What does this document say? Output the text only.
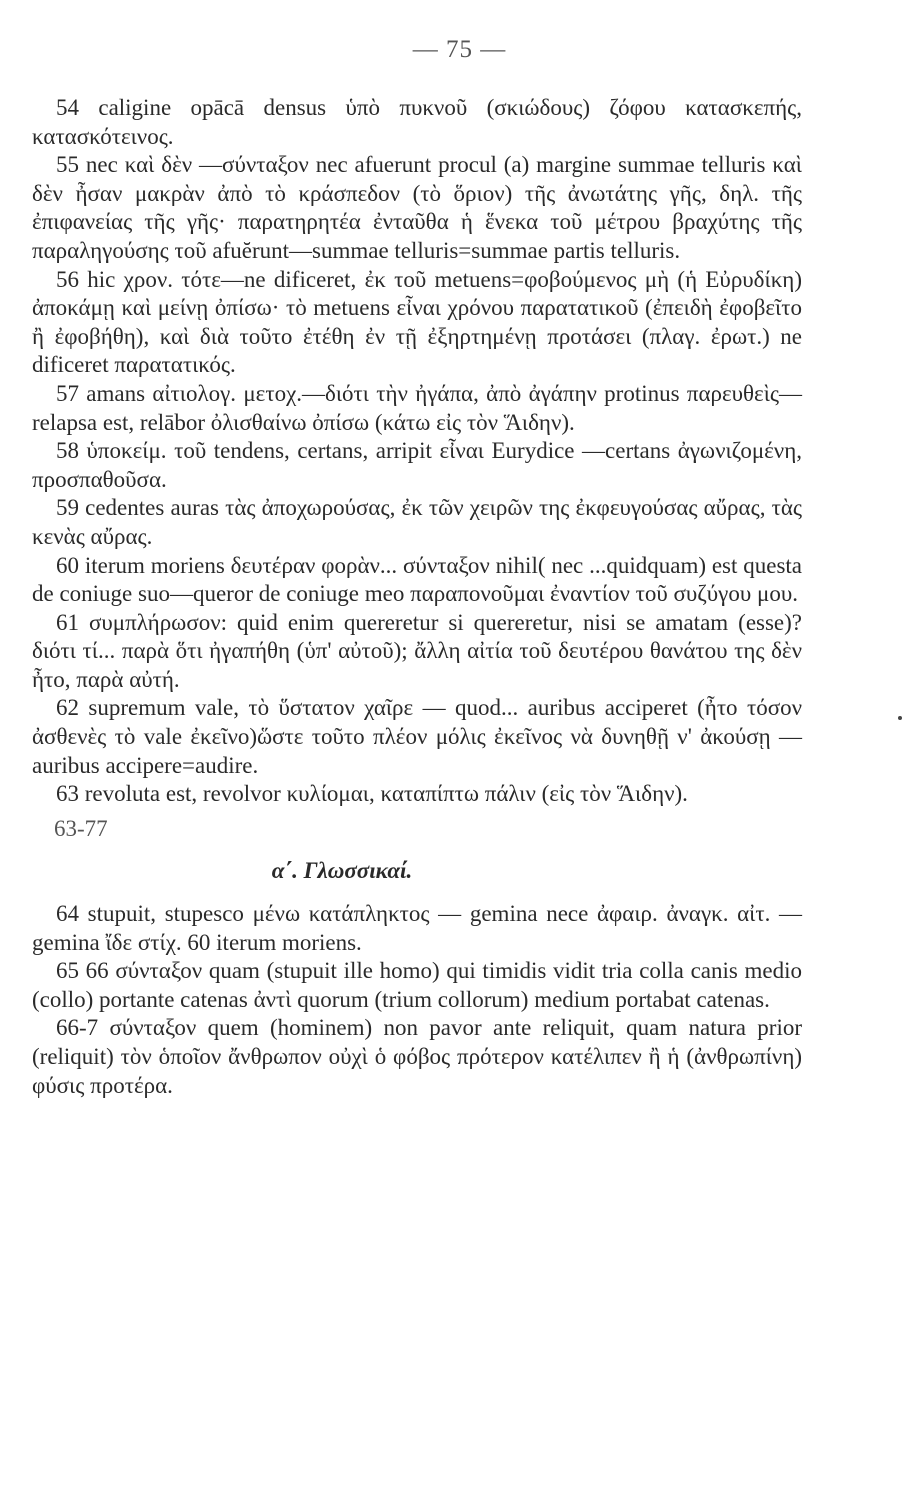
— 75 —

54 caligine opācā densus ὑπὸ πυκνοῦ (σκιώδους) ζόφου κατασκεπής, κατασκότεινος.

55 nec καὶ δὲν —σύνταξον nec afuerunt procul (a) margine summae telluris καὶ δὲν ἦσαν μακρὰν ἀπὸ τὸ κράσπεδον (τὸ ὅριον) τῆς ἀνωτάτης γῆς, δηλ. τῆς ἐπιφανείας τῆς γῆς· παρατηρητέα ἐνταῦθα ἡ ἕνεκα τοῦ μέτρου βραχύτης τῆς παραληγούσης τοῦ afuĕrunt—summae telluris=summae partis telluris.

56 hic χρον. τότε—ne dificeret, ἐκ τοῦ metuens=φοβούμενος μὴ (ἡ Εὐρυδίκη) ἀποκάμῃ καὶ μείνῃ ὀπίσω· τὸ metuens εἶναι χρόνου παρατατικοῦ (ἐπειδὴ ἐφοβεῖτο ἢ ἐφοβήθη), καὶ διὰ τοῦτο ἐτέθη ἐν τῇ ἐξηρτημένῃ προτάσει (πλαγ. ἐρωτ.) ne dificeret παρατατικός.

57 amans αἰτιολογ. μετοχ.—διότι τὴν ἠγάπα, ἀπὸ ἀγάπην protinus παρευθεὶς— relapsa est, relābor ὀλισθαίνω ὀπίσω (κάτω εἰς τὸν Ἅιδην).

58 ὑποκείμ. τοῦ tendens, certans, arripit εἶναι Eurydice —certans ἀγωνιζομένη, προσπαθοῦσα.

59 cedentes auras τὰς ἀποχωρούσας, ἐκ τῶν χειρῶν της ἐκφευγούσας αὔρας, τὰς κενὰς αὔρας.

60 iterum moriens δευτέραν φορὰν... σύνταξον nihil( nec ...quidquam) est questa de coniuge suo—queror de coniuge meo παραπονοῦμαι ἐναντίον τοῦ συζύγου μου.

61 συμπλήρωσον: quid enim quereretur si quereretur, nisi se amatam (esse)? διότι τί... παρὰ ὅτι ἠγαπήθη (ὑπ' αὐτοῦ); ἄλλη αἰτία τοῦ δευτέρου θανάτου της δὲν ἦτο, παρὰ αὐτή.

62 supremum vale, τὸ ὕστατον χαῖρε — quod... auribus acciperet (ἦτο τόσον ἀσθενὲς τὸ vale ἐκεῖνο)ὥστε τοῦτο πλέον μόλις ἐκεῖνος νὰ δυνηθῇ ν' ἀκούσῃ —auribus accipere=audire.

63 revoluta est, revolvor κυλίομαι, καταπίπτω πάλιν (εἰς τὸν Ἅιδην).

63-77

α΄. Γλωσσικαί.

64 stupuit, stupesco μένω κατάπληκτος — gemina nece ἀφαιρ. ἀναγκ. αἰτ. — gemina ἴδε στίχ. 60 iterum moriens.

65 66 σύνταξον quam (stupuit ille homo) qui timidis vidit tria colla canis medio (collo) portante catenas ἀντὶ quorum (trium collorum) medium portabat catenas.

66-7 σύνταξον quem (hominem) non pavor ante reliquit, quam natura prior (reliquit) τὸν ὁποῖον ἄνθρωπον οὐχὶ ὁ φόβος πρότερον κατέλιπεν ἢ ἡ (ἀνθρωπίνη) φύσις προτέρα.
